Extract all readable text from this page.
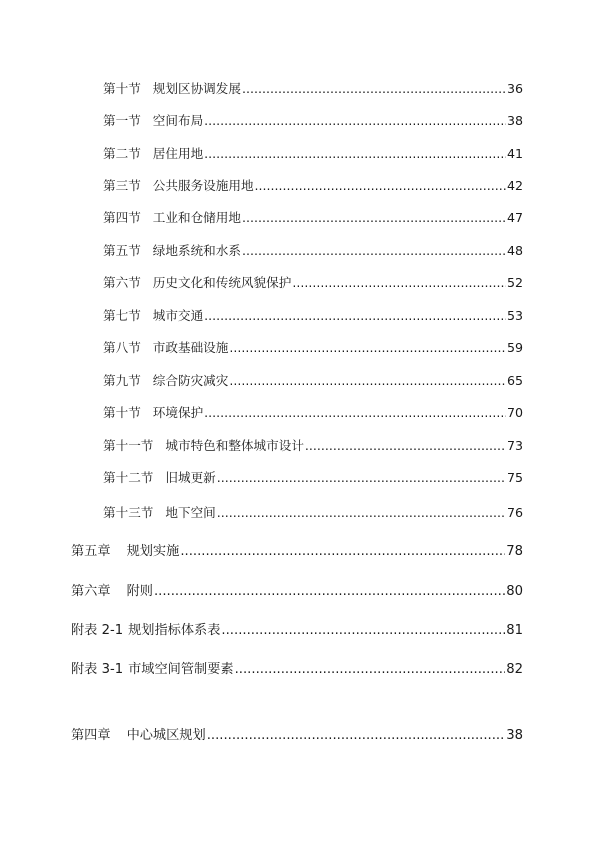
第十节 规划区协调发展 .....	36
第一节 空间布局 .....	38
第二节 居住用地 .....	41
第三节 公共服务设施用地 .....	42
第四节 工业和仓储用地 .....	47
第五节 绿地系统和水系 .....	48
第六节 历史文化和传统风貌保护 .....	52
第七节 城市交通 .....	53
第八节 市政基础设施 .....	59
第九节 综合防灾减灾 .....	65
第十节 环境保护 .....	70
第十一节 城市特色和整体城市设计 .....	73
第十二节 旧城更新 .....	75
第十三节 地下空间 .....	76
第五章 规划实施 .....	78
第六章 附则 .....	80
附表 2-1 规划指标体系表 .....	81
附表 3-1 市域空间管制要素 .....	82
第四章 中心城区规划 .....	38
